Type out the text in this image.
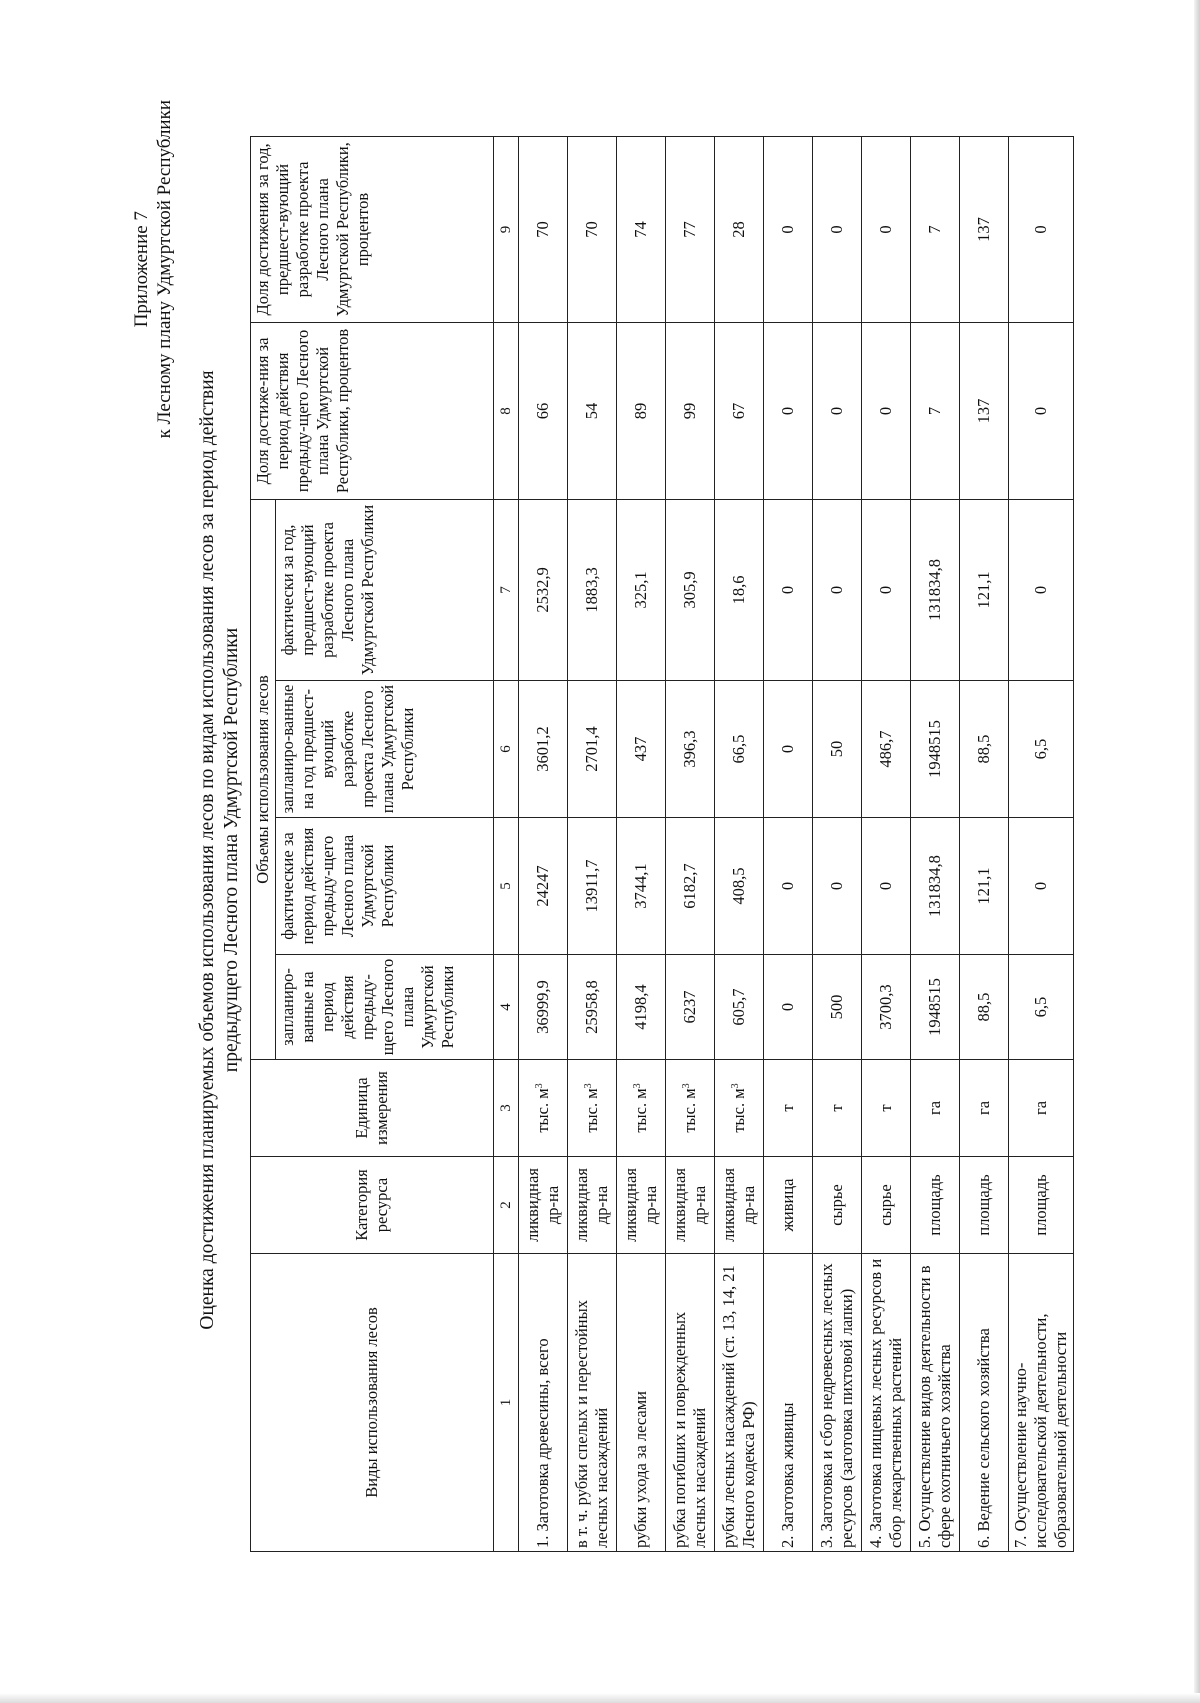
Приложение 7 к Лесному плану Удмуртской Республики
Оценка достижения планируемых объемов использования лесов по видам использования лесов за период действия предыдущего Лесного плана Удмуртской Республики
Виды использования лесов	Категория ресурса	Единица измерения	Объемы использования лесов				Доля достиже-ния за период действия предыду-щего Лесного плана Удмуртской Республики, процентов	Доля достижения за год, предшест-вующий разработке проекта Лесного плана Удмуртской Республики, процентов
			запланиро-ванные на период действия предыду-щего Лесного плана Удмуртской Республики	фактические за период действия предыду-щего Лесного плана Удмуртской Республики	запланиро-ванные на год предшест-вующий разработке проекта Лесного плана Удмуртской Республики	фактически за год, предшест-вующий разработке проекта Лесного плана Удмуртской Республики		
1	2	3	4	5	6	7	8	9
1. Заготовка древесины, всего	ликвидная др-на	тыс. $м^3$	36999,9	24247	3601,2	2532,9	66	70
в т. ч. рубки спелых и перестойных лесных насаждений	ликвидная др-на	тыс. $м^3$	25958,8	13911,7	2701,4	1883,3	54	70
рубки ухода за лесами	ликвидная др-на	тыс. $м^3$	4198,4	3744,1	437	325,1	89	74
рубка погибших и поврежденных лесных насаждений	ликвидная др-на	тыс. $м^3$	6237	6182,7	396,3	305,9	99	77
рубки лесных насаждений (ст. 13, 14, 21 Лесного кодекса РФ)	ликвидная др-на	тыс. $м^3$	605,7	408,5	66,5	18,6	67	28
2. Заготовка живицы	живица	т	0	0	0	0	0	0
3. Заготовка и сбор недревесных лесных ресурсов (заготовка пихтовой лапки)	сырье	т	500	0	50	0	0	0
4. Заготовка пищевых лесных ресурсов и сбор лекарственных растений	сырье	т	3700,3	0	486,7	0	0	0
5. Осуществление видов деятельности в сфере охотничьего хозяйства	площадь	га	1948515	131834,8	1948515	131834,8	7	7
6. Ведение сельского хозяйства	площадь	га	88,5	121,1	88,5	121,1	137	137
7. Осуществление научно-исследовательской деятельности, образовательной деятельности	площадь	га	6,5	0	6,5	0	0	0
